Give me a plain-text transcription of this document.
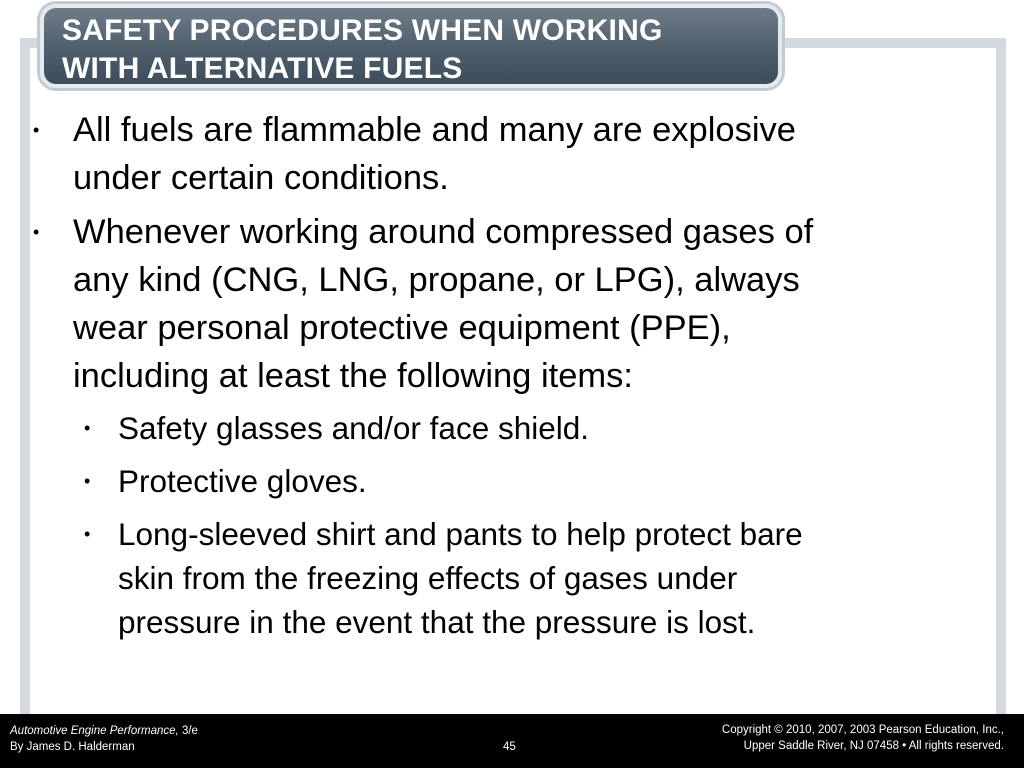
SAFETY PROCEDURES WHEN WORKING
WITH ALTERNATIVE FUELS
• All fuels are flammable and many are explosive
under certain conditions.
• Whenever working around compressed gases of
any kind (CNG, LNG, propane, or LPG), always
wear personal protective equipment (PPE),
including at least the following items:
• Safety glasses and/or face shield.
• Protective gloves.
• Long-sleeved shirt and pants to help protect bare
skin from the freezing effects of gases under
pressure in the event that the pressure is lost.
Automotive Engine Performance, 3/e
By James D. Halderman	45
Copyright © 2010, 2007, 2003 Pearson Education, Inc.,
Upper Saddle River, NJ 07458 • All rights reserved.
